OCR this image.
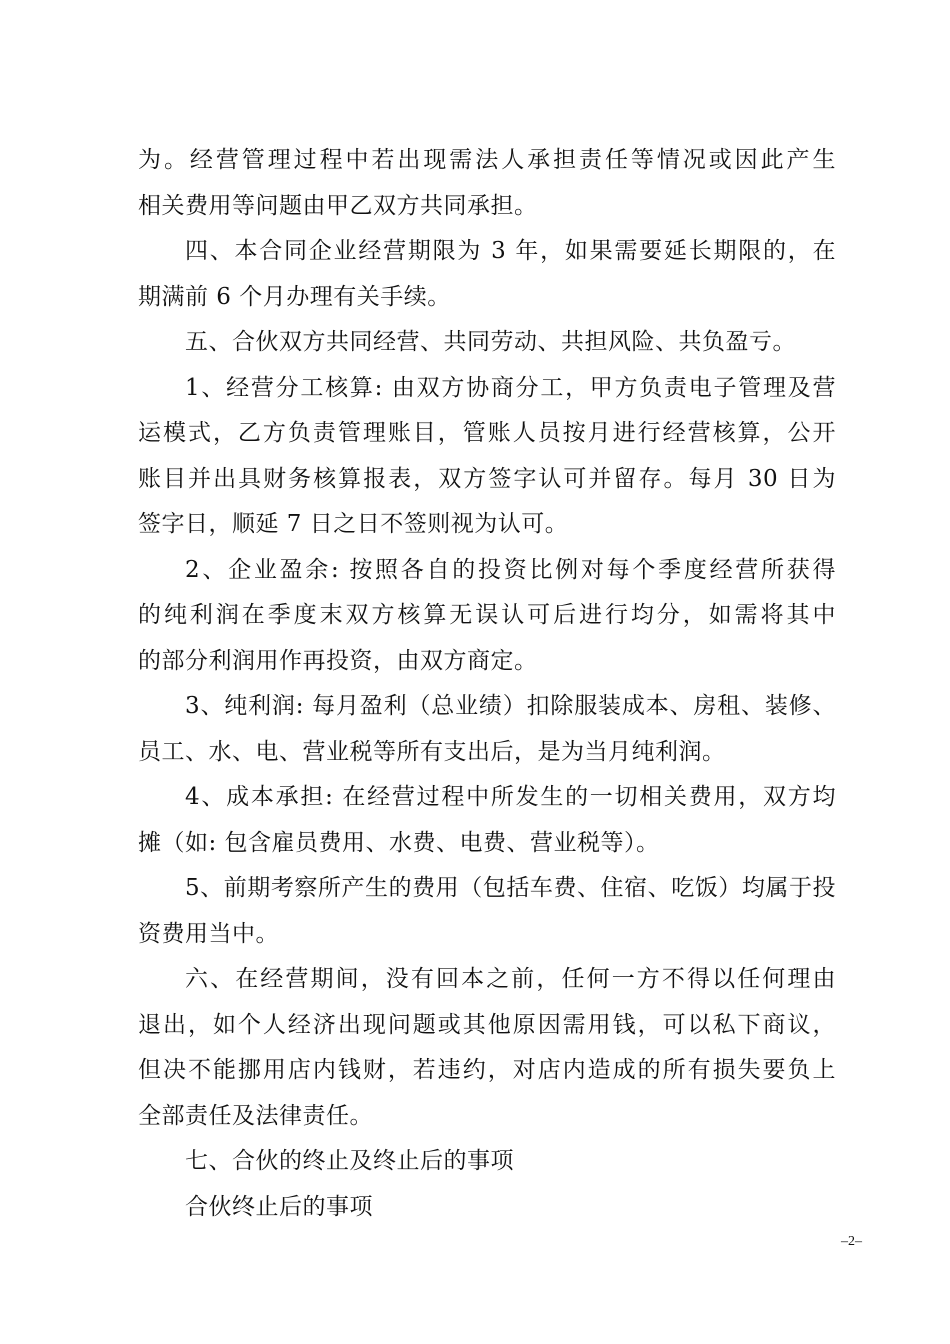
为。经营管理过程中若出现需法人承担责任等情况或因此产生
相关费用等问题由甲乙双方共同承担。
四、本合同企业经营期限为 3 年，如果需要延长期限的，在
期满前 6 个月办理有关手续。
五、合伙双方共同经营、共同劳动、共担风险、共负盈亏。
1、经营分工核算: 由双方协商分工，甲方负责电子管理及营
运模式，乙方负责管理账目，管账人员按月进行经营核算，公开
账目并出具财务核算报表，双方签字认可并留存。每月 30 日为
签字日，顺延 7 日之日不签则视为认可。
2、企业盈余: 按照各自的投资比例对每个季度经营所获得
的纯利润在季度末双方核算无误认可后进行均分，如需将其中
的部分利润用作再投资，由双方商定。
3、纯利润: 每月盈利（总业绩）扣除服装成本、房租、装修、
员工、水、电、营业税等所有支出后，是为当月纯利润。
4、成本承担: 在经营过程中所发生的一切相关费用，双方均
摊（如: 包含雇员费用、水费、电费、营业税等）。
5、前期考察所产生的费用（包括车费、住宿、吃饭）均属于投
资费用当中。
六、在经营期间，没有回本之前，任何一方不得以任何理由
退出，如个人经济出现问题或其他原因需用钱，可以私下商议，
但决不能挪用店内钱财，若违约，对店内造成的所有损失要负上
全部责任及法律责任。
七、合伙的终止及终止后的事项
合伙终止后的事项
–2–
